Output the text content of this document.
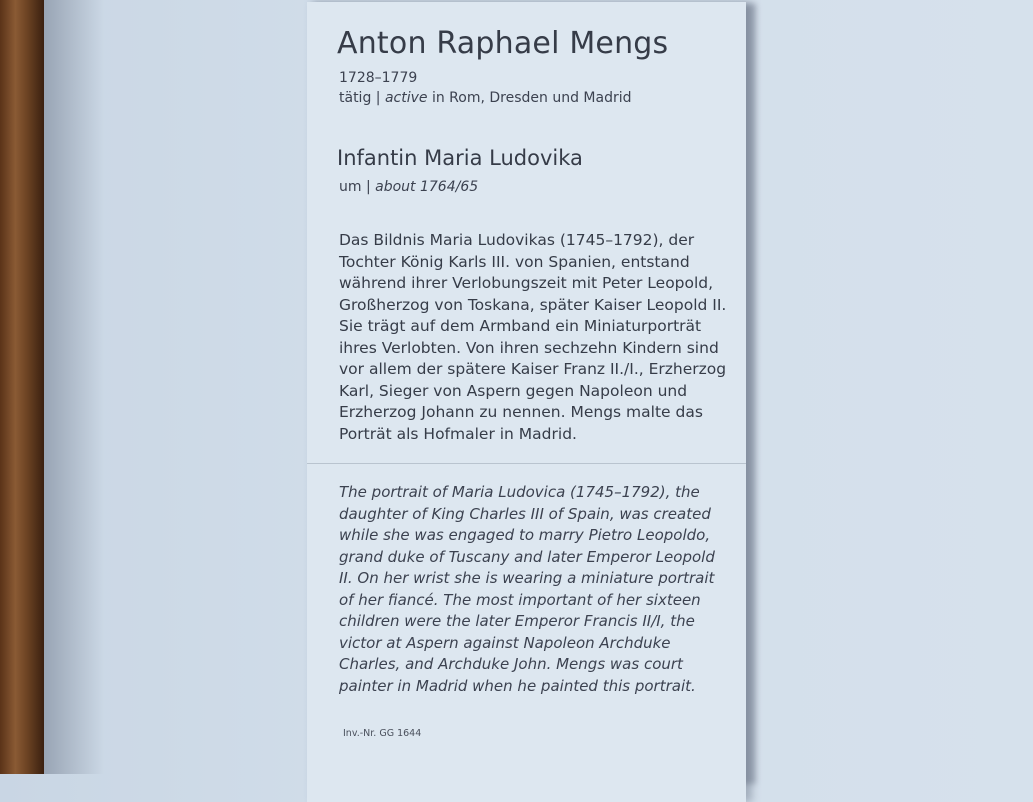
Anton Raphael Mengs
1728–1779
tätig | active in Rom, Dresden und Madrid
Infantin Maria Ludovika
um | about 1764/65
Das Bildnis Maria Ludovikas (1745–1792), der
Tochter König Karls III. von Spanien, entstand
während ihrer Verlobungszeit mit Peter Leopold,
Großherzog von Toskana, später Kaiser Leopold II.
Sie trägt auf dem Armband ein Miniaturporträt
ihres Verlobten. Von ihren sechzehn Kindern sind
vor allem der spätere Kaiser Franz II./I., Erzherzog
Karl, Sieger von Aspern gegen Napoleon und
Erzherzog Johann zu nennen. Mengs malte das
Porträt als Hofmaler in Madrid.
The portrait of Maria Ludovica (1745–1792), the
daughter of King Charles III of Spain, was created
while she was engaged to marry Pietro Leopoldo,
grand duke of Tuscany and later Emperor Leopold
II. On her wrist she is wearing a miniature portrait
of her fiancé. The most important of her sixteen
children were the later Emperor Francis II/I, the
victor at Aspern against Napoleon Archduke
Charles, and Archduke John. Mengs was court
painter in Madrid when he painted this portrait.
Inv.-Nr. GG 1644
